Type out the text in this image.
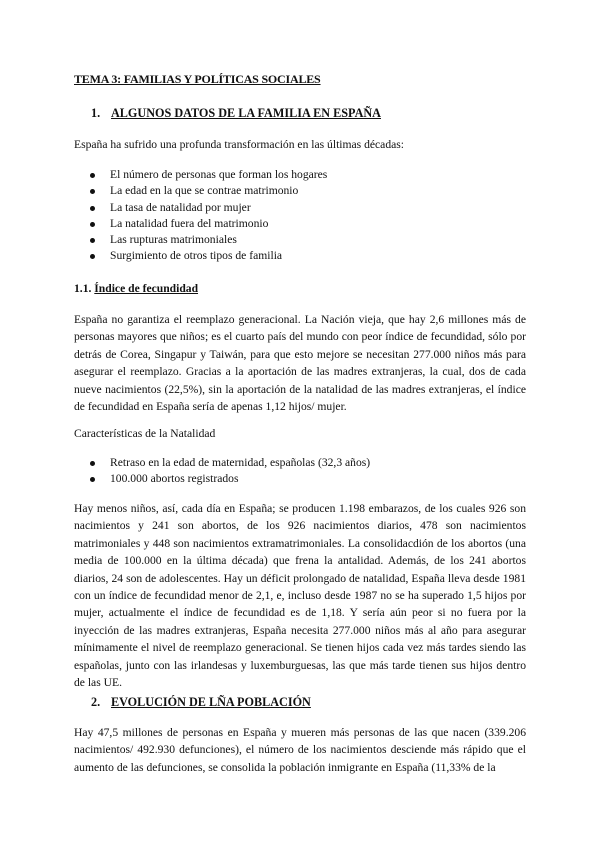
TEMA 3: FAMILIAS Y POLÍTICAS SOCIALES
1. ALGUNOS DATOS DE LA FAMILIA EN ESPAÑA

España ha sufrido una profunda transformación en las últimas décadas:

El número de personas que forman los hogares
La edad en la que se contrae matrimonio
La tasa de natalidad por mujer
La natalidad fuera del matrimonio
Las rupturas matrimoniales
Surgimiento de otros tipos de familia
1.1. Índice de fecundidad

España no garantiza el reemplazo generacional. La Nación vieja, que hay 2,6 millones más de personas mayores que niños; es el cuarto país del mundo con peor índice de fecundidad, sólo por detrás de Corea, Singapur y Taiwán, para que esto mejore se necesitan 277.000 niños más para asegurar el reemplazo. Gracias a la aportación de las madres extranjeras, la cual, dos de cada nueve nacimientos (22,5%), sin la aportación de la natalidad de las madres extranjeras, el índice de fecundidad en España sería de apenas 1,12 hijos/ mujer.

Características de la Natalidad

Retraso en la edad de maternidad, españolas (32,3 años)
100.000 abortos registrados

Hay menos niños, así, cada día en España; se producen 1.198 embarazos, de los cuales 926 son nacimientos y 241 son abortos, de los 926 nacimientos diarios, 478 son nacimientos matrimoniales y 448 son nacimientos extramatrimoniales. La consolidacdión de los abortos (una media de 100.000 en la última década) que frena la antalidad. Además, de los 241 abortos diarios, 24 son de adolescentes. Hay un déficit prolongado de natalidad, España lleva desde 1981 con un índice de fecundidad menor de 2,1, e, incluso desde 1987 no se ha superado 1,5 hijos por mujer, actualmente el índice de fecundidad es de 1,18. Y sería aún peor si no fuera por la inyección de las madres extranjeras, España necesita 277.000 niños más al año para asegurar mínimamente el nivel de reemplazo generacional. Se tienen hijos cada vez más tardes siendo las españolas, junto con las irlandesas y luxemburguesas, las que más tarde tienen sus hijos dentro de las UE.

2. EVOLUCIÓN DE LÑA POBLACIÓN

Hay 47,5 millones de personas en España y mueren más personas de las que nacen (339.206 nacimientos/ 492.930 defunciones), el número de los nacimientos desciende más rápido que el aumento de las defunciones, se consolida la población inmigrante en España (11,33% de la
